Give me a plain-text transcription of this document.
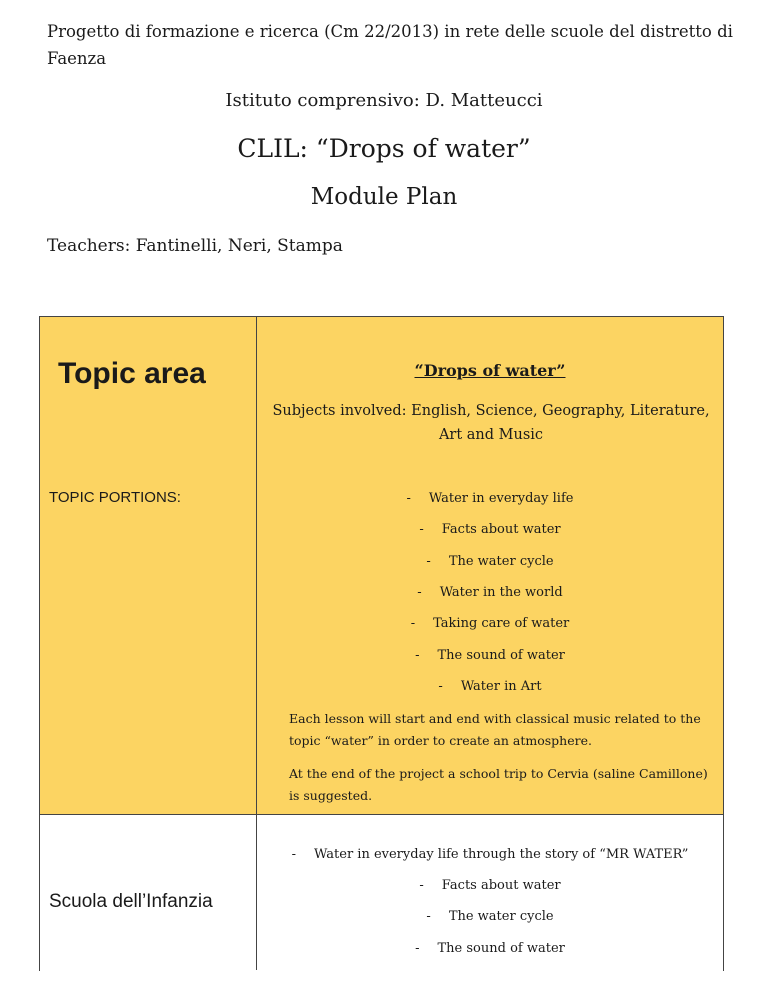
Progetto di formazione e ricerca (Cm 22/2013) in rete delle scuole del distretto di Faenza
Istituto comprensivo: D. Matteucci
CLIL: “Drops of water”
Module Plan
Teachers: Fantinelli, Neri, Stampa
Topic area
TOPIC PORTIONS:
“Drops of water”
Subjects involved: English, Science, Geography, Literature, Art and Music
- Water in everyday life
- Facts about water
- The water cycle
- Water in the world
- Taking care of water
- The sound of water
- Water in Art
Each lesson will start and end with classical music related to the topic “water” in order to create an atmosphere.
At the end of the project a school trip to Cervia (saline Camillone) is suggested.
Scuola dell’Infanzia
- Water in everyday life through the story of “MR WATER”
- Facts about water
- The water cycle
- The sound of water
